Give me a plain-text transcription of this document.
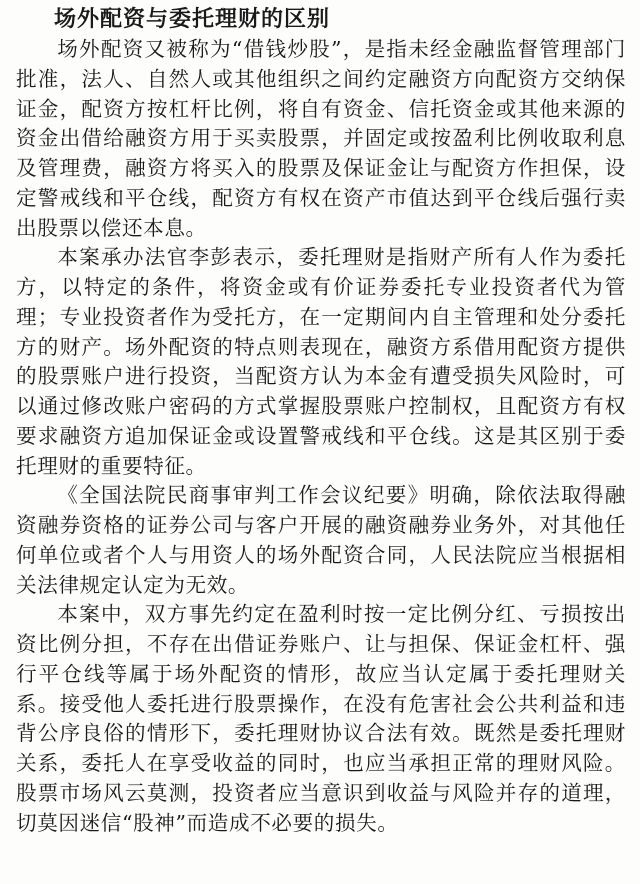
场外配资与委托理财的区别

场外配资又被称为“借钱炒股”，是指未经金融监督管理部门批准，法人、自然人或其他组织之间约定融资方向配资方交纳保证金，配资方按杠杆比例，将自有资金、信托资金或其他来源的资金出借给融资方用于买卖股票，并固定或按盈利比例收取利息及管理费，融资方将买入的股票及保证金让与配资方作担保，设定警戒线和平仓线，配资方有权在资产市值达到平仓线后强行卖出股票以偿还本息。

本案承办法官李彭表示，委托理财是指财产所有人作为委托方，以特定的条件，将资金或有价证券委托专业投资者代为管理；专业投资者作为受托方，在一定期间内自主管理和处分委托方的财产。场外配资的特点则表现在，融资方系借用配资方提供的股票账户进行投资，当配资方认为本金有遭受损失风险时，可以通过修改账户密码的方式掌握股票账户控制权，且配资方有权要求融资方追加保证金或设置警戒线和平仓线。这是其区别于委托理财的重要特征。

《全国法院民商事审判工作会议纪要》明确，除依法取得融资融券资格的证券公司与客户开展的融资融券业务外，对其他任何单位或者个人与用资人的场外配资合同，人民法院应当根据相关法律规定认定为无效。

本案中，双方事先约定在盈利时按一定比例分红、亏损按出资比例分担，不存在出借证券账户、让与担保、保证金杠杆、强行平仓线等属于场外配资的情形，故应当认定属于委托理财关系。接受他人委托进行股票操作，在没有危害社会公共利益和违背公序良俗的情形下，委托理财协议合法有效。既然是委托理财关系，委托人在享受收益的同时，也应当承担正常的理财风险。股票市场风云莫测，投资者应当意识到收益与风险并存的道理，切莫因迷信“股神”而造成不必要的损失。
